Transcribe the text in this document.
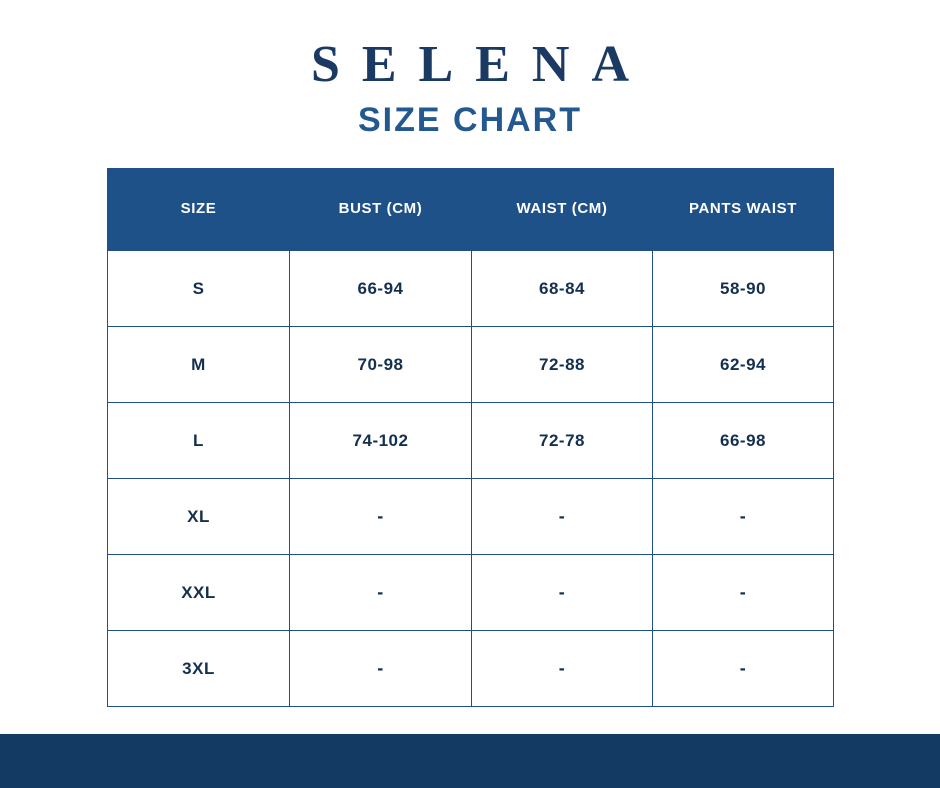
SELENA
SIZE CHART
SIZE	BUST (CM)	WAIST (CM)	PANTS WAIST
S	66-94	68-84	58-90
M	70-98	72-88	62-94
L	74-102	72-78	66-98
XL	-	-	-
XXL	-	-	-
3XL	-	-	-
